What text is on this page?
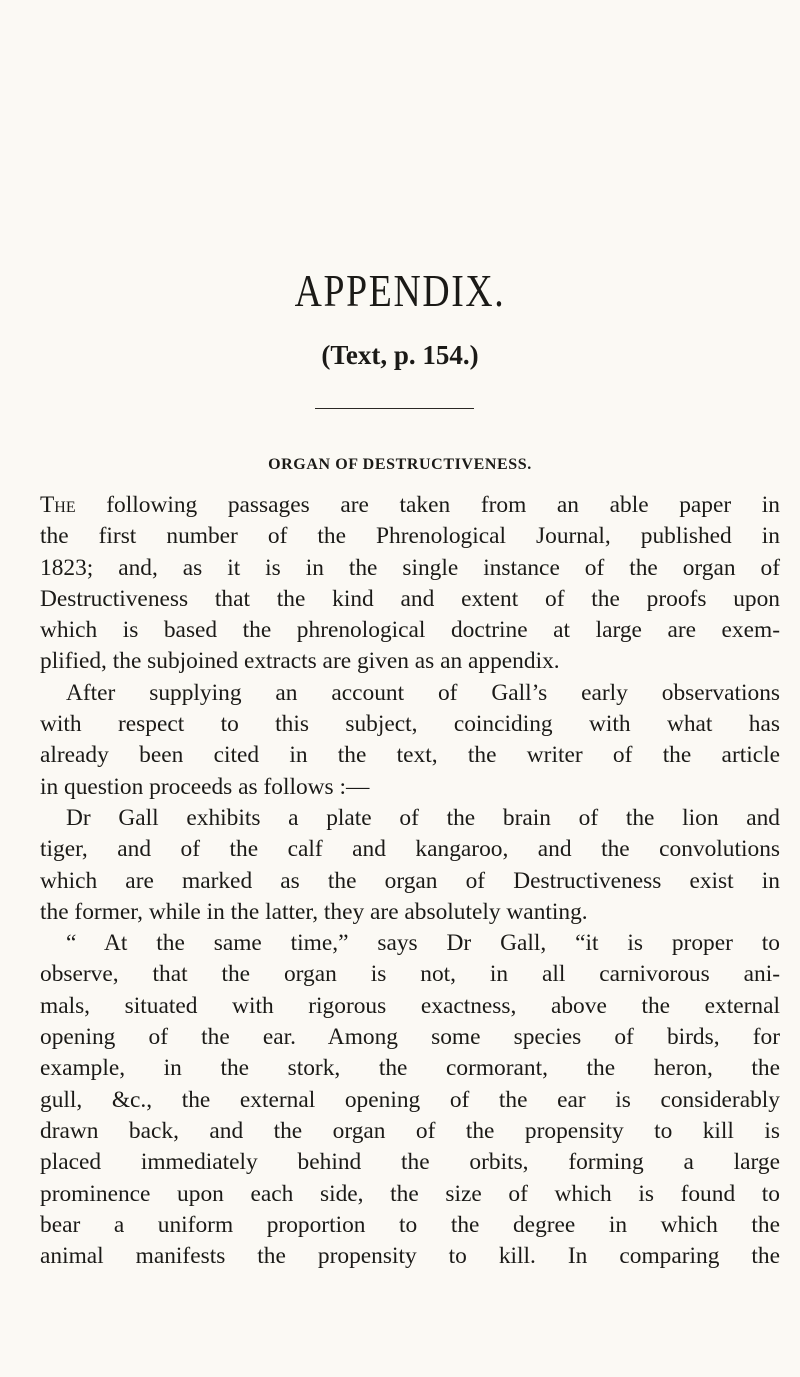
APPENDIX.
(Text, p. 154.)
ORGAN OF DESTRUCTIVENESS.
The following passages are taken from an able paper in
the first number of the Phrenological Journal, published in
1823; and, as it is in the single instance of the organ of
Destructiveness that the kind and extent of the proofs upon
which is based the phrenological doctrine at large are exem-
plified, the subjoined extracts are given as an appendix.
After supplying an account of Gall’s early observations
with respect to this subject, coinciding with what has
already been cited in the text, the writer of the article
in question proceeds as follows :—
Dr Gall exhibits a plate of the brain of the lion and
tiger, and of the calf and kangaroo, and the convolutions
which are marked as the organ of Destructiveness exist in
the former, while in the latter, they are absolutely wanting.
“ At the same time,” says Dr Gall, “it is proper to
observe, that the organ is not, in all carnivorous ani-
mals, situated with rigorous exactness, above the external
opening of the ear. Among some species of birds, for
example, in the stork, the cormorant, the heron, the
gull, &c., the external opening of the ear is considerably
drawn back, and the organ of the propensity to kill is
placed immediately behind the orbits, forming a large
prominence upon each side, the size of which is found to
bear a uniform proportion to the degree in which the
animal manifests the propensity to kill. In comparing the
